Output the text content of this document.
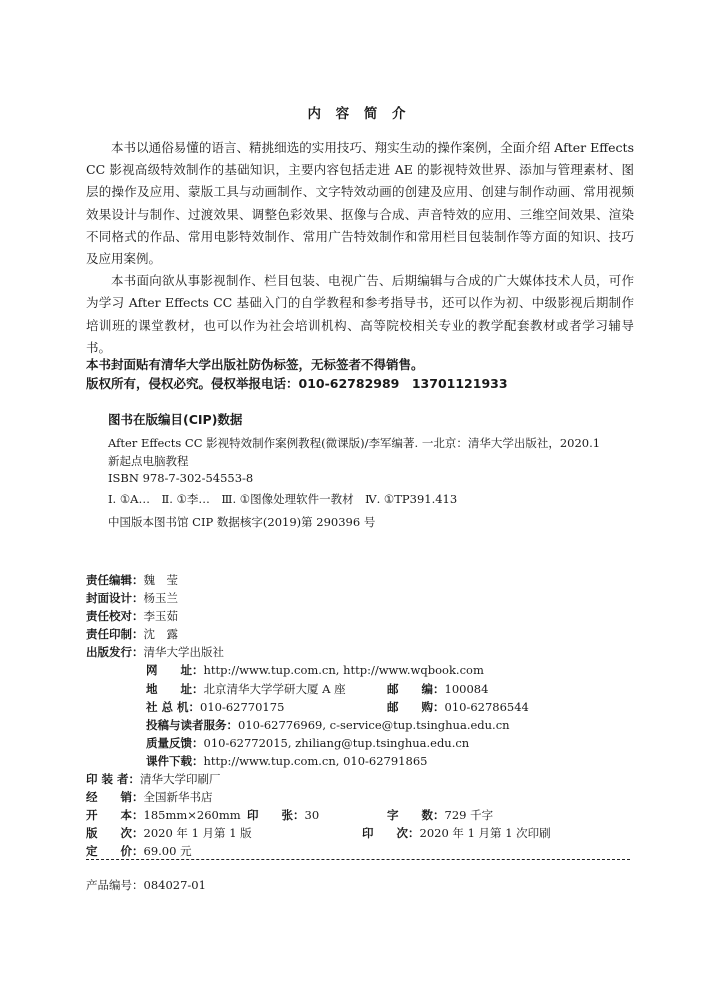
内 容 简 介

本书以通俗易懂的语言、精挑细选的实用技巧、翔实生动的操作案例，全面介绍 After Effects CC 影视高级特效制作的基础知识，主要内容包括走进 AE 的影视特效世界、添加与管理素材、图层的操作及应用、蒙版工具与动画制作、文字特效动画的创建及应用、创建与制作动画、常用视频效果设计与制作、过渡效果、调整色彩效果、抠像与合成、声音特效的应用、三维空间效果、渲染不同格式的作品、常用电影特效制作、常用广告特效制作和常用栏目包装制作等方面的知识、技巧及应用案例。

本书面向欲从事影视制作、栏目包装、电视广告、后期编辑与合成的广大媒体技术人员，可作为学习 After Effects CC 基础入门的自学教程和参考指导书，还可以作为初、中级影视后期制作培训班的课堂教材，也可以作为社会培训机构、高等院校相关专业的教学配套教材或者学习辅导书。

本书封面贴有清华大学出版社防伪标签，无标签者不得销售。
版权所有，侵权必究。侵权举报电话：010-62782989　13701121933
图书在版编目(CIP)数据
After Effects CC 影视特效制作案例教程(微课版)/李军编著. 一北京：清华大学出版社，2020.1
新起点电脑教程
ISBN 978-7-302-54553-8
Ⅰ. ①A…　Ⅱ. ①李…　Ⅲ. ①图像处理软件一教材　Ⅳ. ①TP391.413
中国版本图书馆 CIP 数据核字(2019)第 290396 号
责任编辑：魏　莹
封面设计：杨玉兰
责任校对：李玉茹
责任印制：沈　露
出版发行：清华大学出版社
网　　址：http://www.tup.com.cn, http://www.wqbook.com
地　　址：北京清华大学学研大厦 A 座	邮　　编：100084
社 总 机：010-62770175	邮　　购：010-62786544
投稿与读者服务：010-62776969, c-service@tup.tsinghua.edu.cn
质量反馈：010-62772015, zhiliang@tup.tsinghua.edu.cn
课件下载：http://www.tup.com.cn, 010-62791865
印 装 者：清华大学印刷厂
经　　销：全国新华书店
开　　本：185mm×260mm 印　　张：30	字　　数：729 千字
版　　次：2020 年 1 月第 1 版	印　　次：2020 年 1 月第 1 次印刷
定　　价：69.00 元
产品编号：084027-01
